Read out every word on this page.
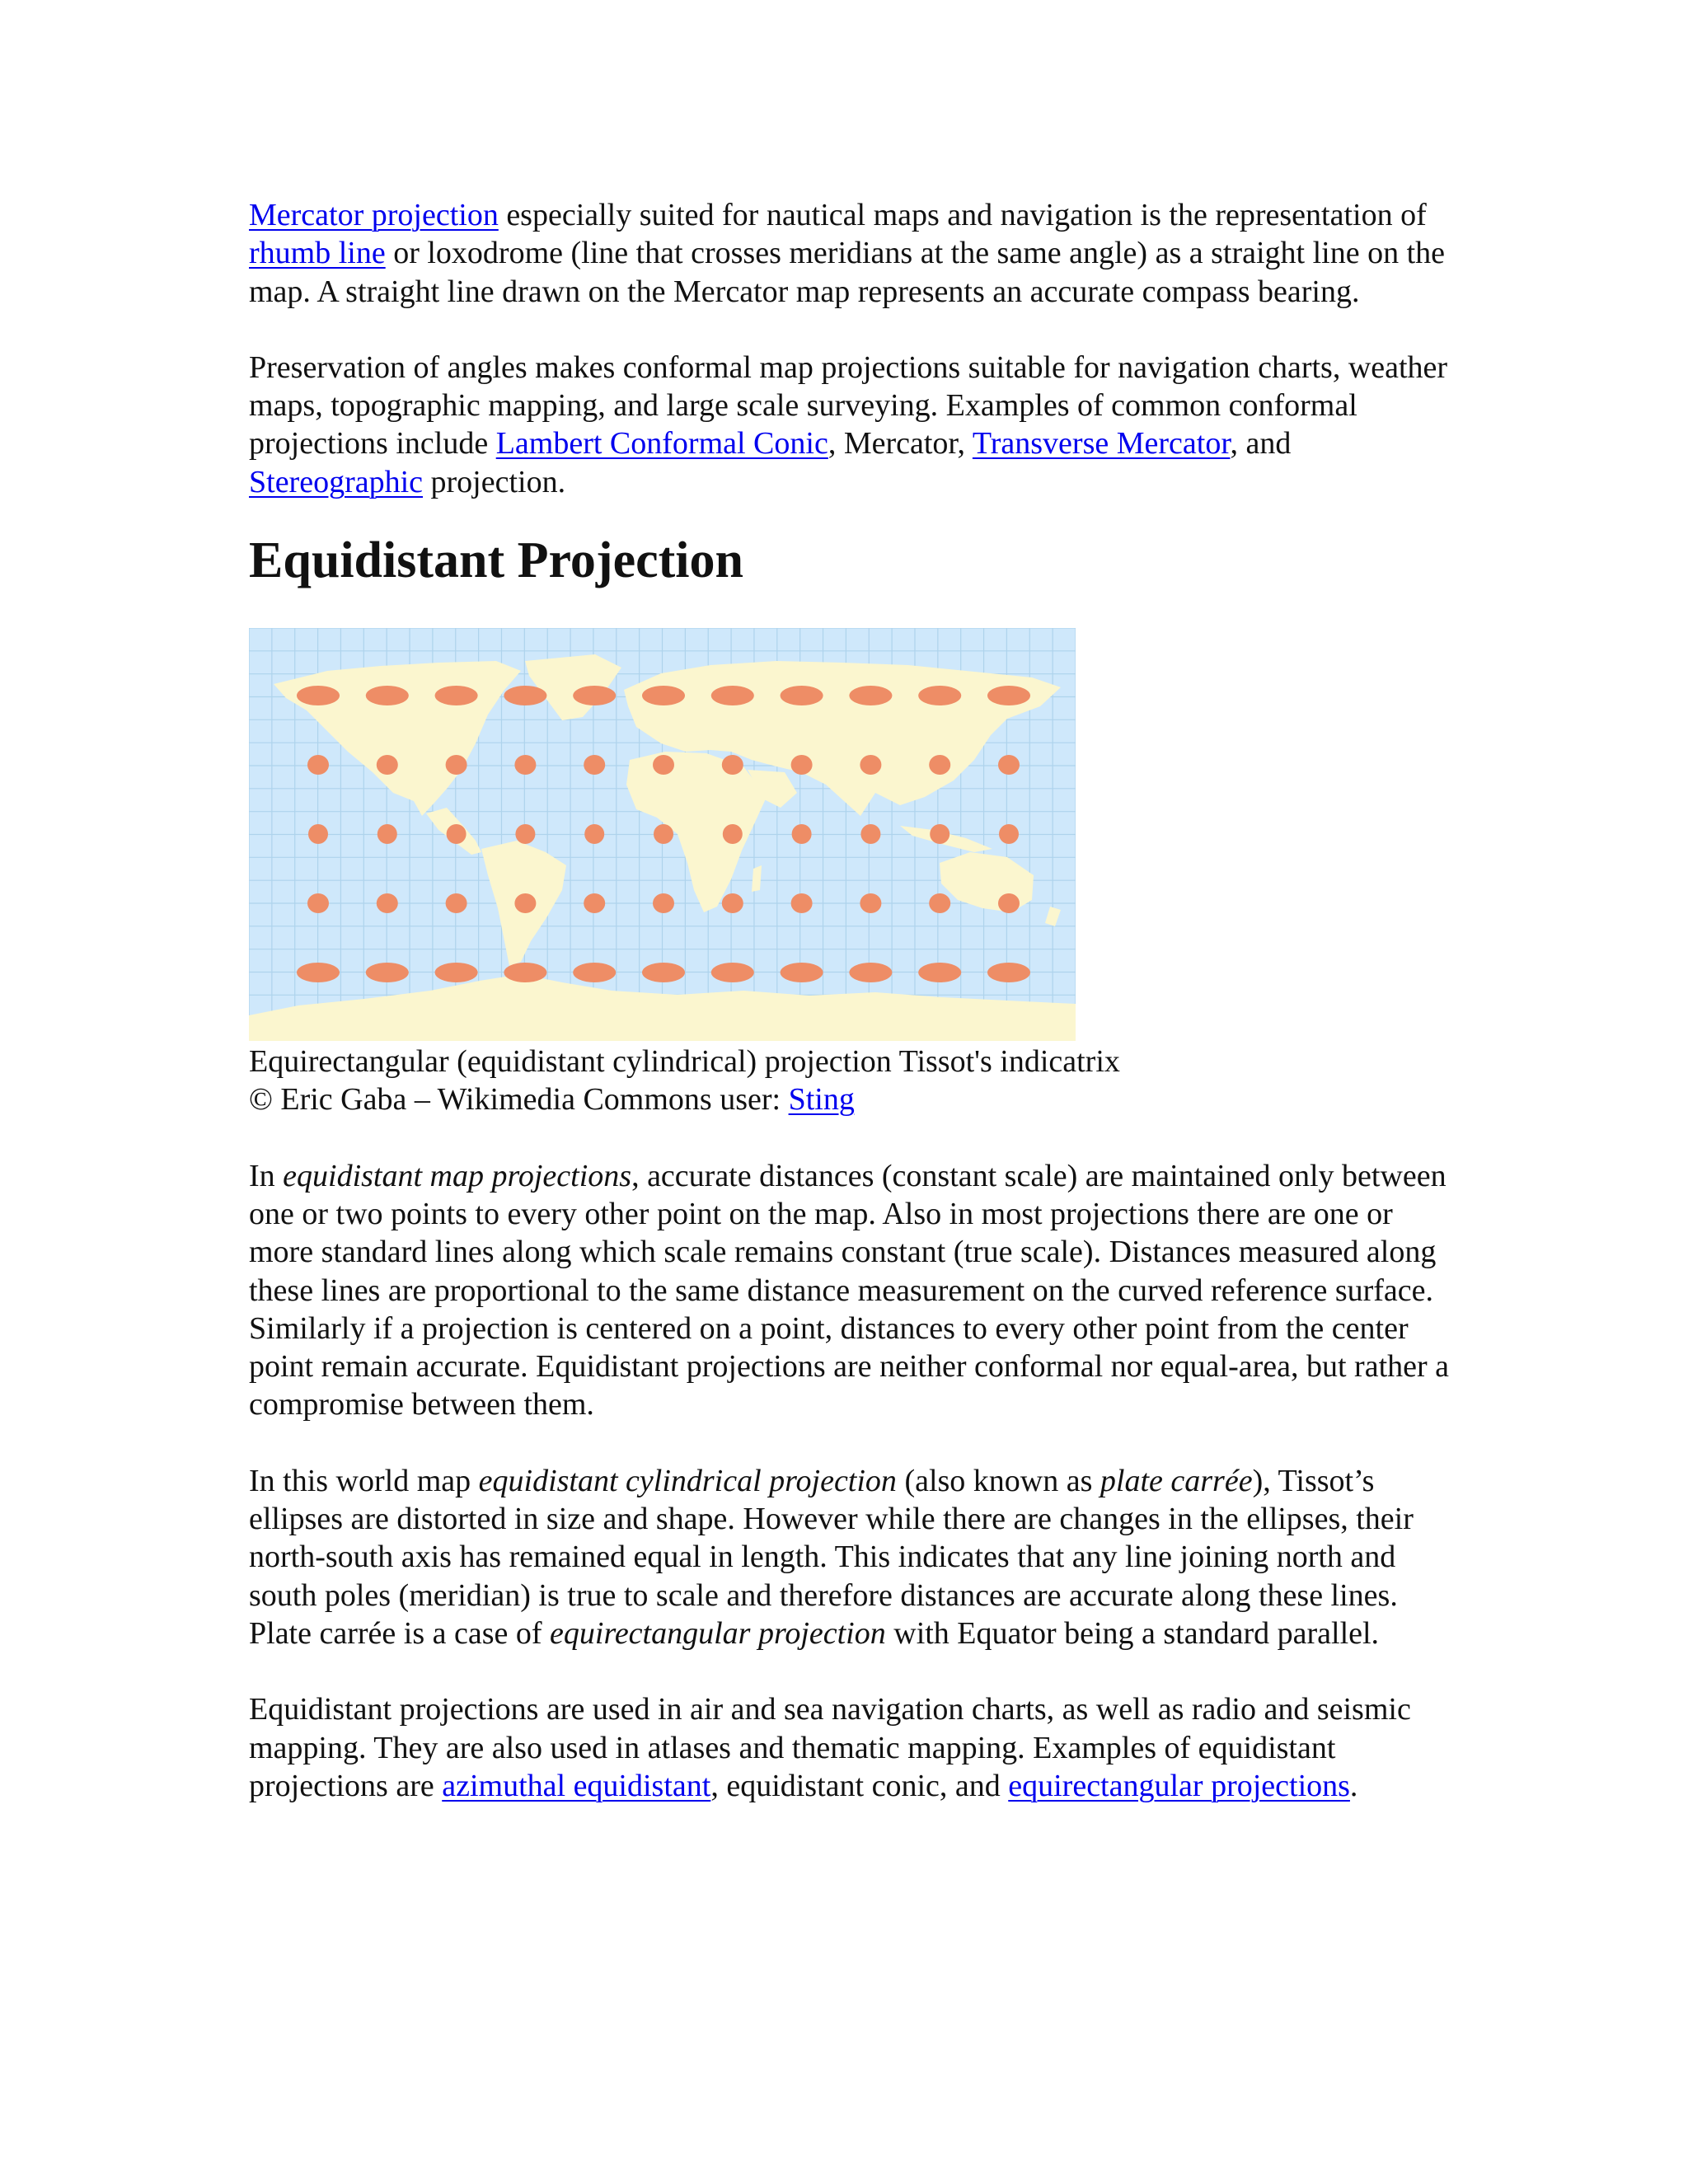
Mercator projection especially suited for nautical maps and navigation is the representation of rhumb line or loxodrome (line that crosses meridians at the same angle) as a straight line on the map. A straight line drawn on the Mercator map represents an accurate compass bearing.

Preservation of angles makes conformal map projections suitable for navigation charts, weather maps, topographic mapping, and large scale surveying. Examples of common conformal projections include Lambert Conformal Conic, Mercator, Transverse Mercator, and Stereographic projection.

Equidistant Projection

Equirectangular (equidistant cylindrical) projection Tissot's indicatrix

© Eric Gaba – Wikimedia Commons user: Sting

In equidistant map projections, accurate distances (constant scale) are maintained only between one or two points to every other point on the map. Also in most projections there are one or more standard lines along which scale remains constant (true scale). Distances measured along these lines are proportional to the same distance measurement on the curved reference surface. Similarly if a projection is centered on a point, distances to every other point from the center point remain accurate. Equidistant projections are neither conformal nor equal-area, but rather a compromise between them.

In this world map equidistant cylindrical projection (also known as plate carrée), Tissot’s ellipses are distorted in size and shape. However while there are changes in the ellipses, their north-south axis has remained equal in length. This indicates that any line joining north and south poles (meridian) is true to scale and therefore distances are accurate along these lines. Plate carrée is a case of equirectangular projection with Equator being a standard parallel.

Equidistant projections are used in air and sea navigation charts, as well as radio and seismic mapping. They are also used in atlases and thematic mapping. Examples of equidistant projections are azimuthal equidistant, equidistant conic, and equirectangular projections.
